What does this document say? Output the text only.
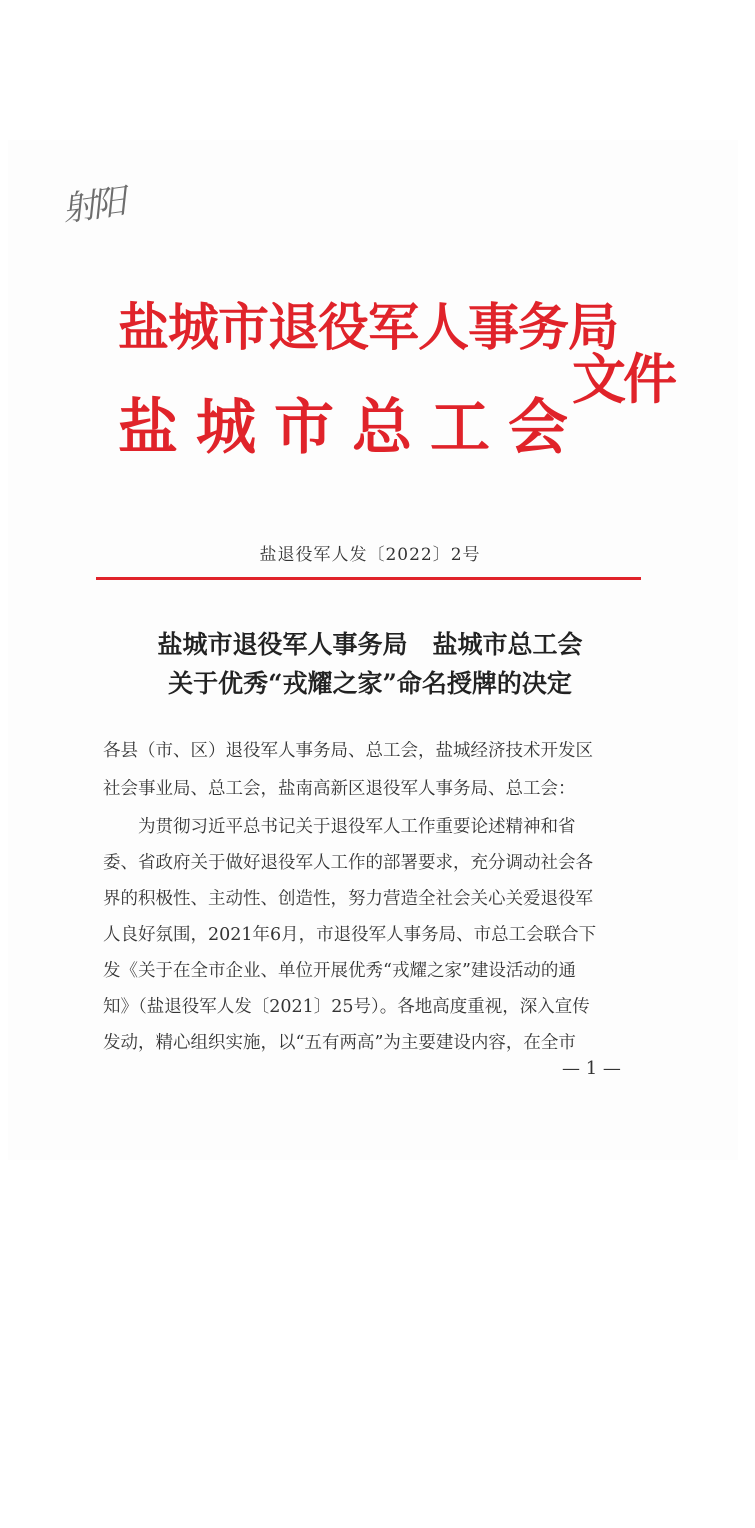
射阳
盐城市退役军人事务局
盐 城 市 总 工 会
文件
盐退役军人发〔2022〕2号
盐城市退役军人事务局　盐城市总工会
关于优秀“戎耀之家”命名授牌的决定
各县（市、区）退役军人事务局、总工会，盐城经济技术开发区
社会事业局、总工会，盐南高新区退役军人事务局、总工会：
　　为贯彻习近平总书记关于退役军人工作重要论述精神和省
委、省政府关于做好退役军人工作的部署要求，充分调动社会各
界的积极性、主动性、创造性，努力营造全社会关心关爱退役军
人良好氛围，2021年6月，市退役军人事务局、市总工会联合下
发《关于在全市企业、单位开展优秀“戎耀之家”建设活动的通
知》（盐退役军人发〔2021〕25号）。各地高度重视，深入宣传
发动，精心组织实施，以“五有两高”为主要建设内容，在全市
— 1 —
